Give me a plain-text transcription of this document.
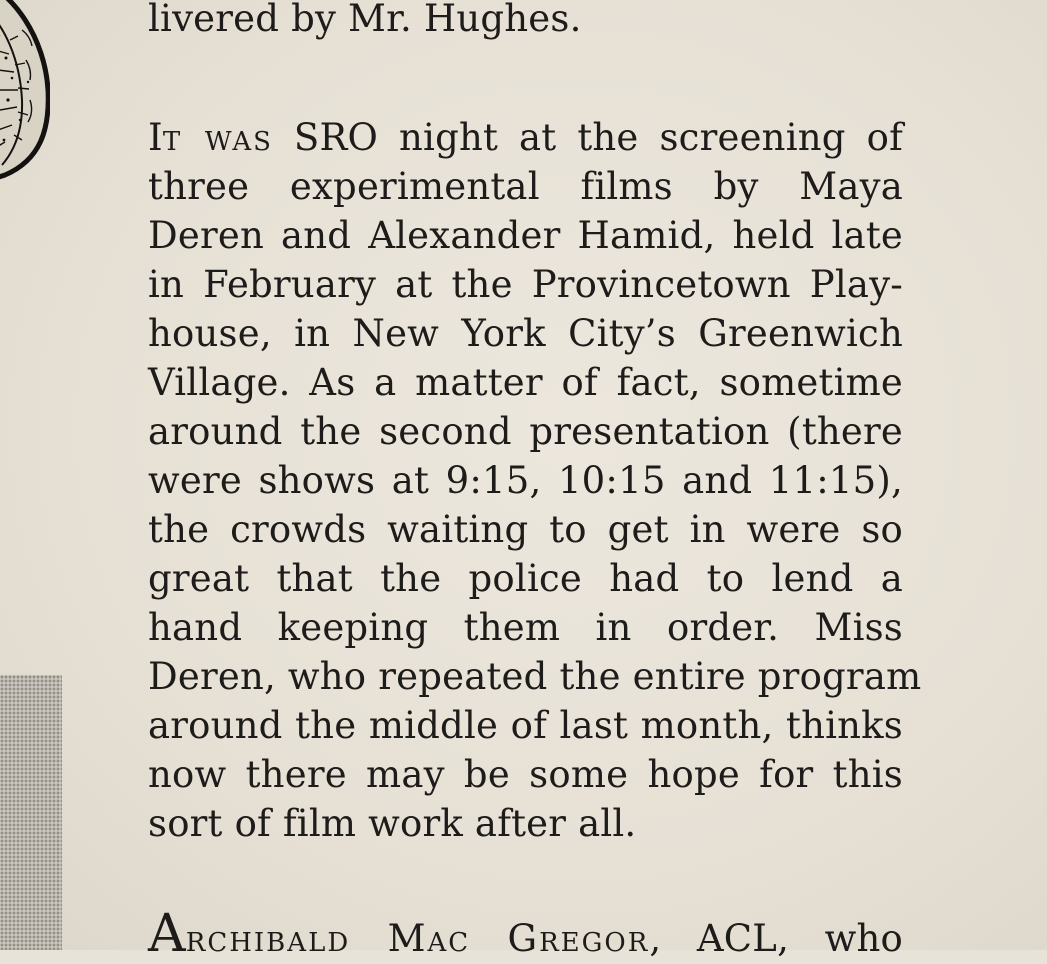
livered by Mr. Hughes.
It was SRO night at the screening of
three experimental films by Maya
Deren and Alexander Hamid, held late
in February at the Provincetown Play-
house, in New York City’s Greenwich
Village. As a matter of fact, sometime
around the second presentation (there
were shows at 9:15, 10:15 and 11:15),
the crowds waiting to get in were so
great that the police had to lend a
hand keeping them in order. Miss
Deren, who repeated the entire program
around the middle of last month, thinks
now there may be some hope for this
sort of film work after all.
Archibald Mac Gregor, ACL, who
